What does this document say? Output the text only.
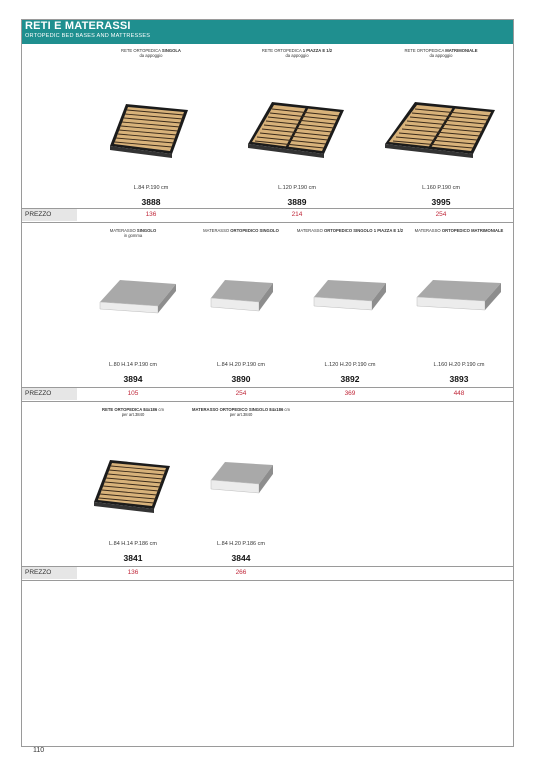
RETI E MATERASSI
ORTOPEDIC BED BASES AND MATTRESSES
RETE ORTOPEDICA SINGOLA
da appoggio
L.84 P.190 cm
3888
RETE ORTOPEDICA 1 PIAZZA E 1/2
da appoggio
L.120 P.190 cm
3889
RETE ORTOPEDICA MATRIMONIALE
da appoggio
L.160 P.190 cm
3995
PREZZO	136	214	254
MATERASSO SINGOLO
in gomma
L.80 H.14 P.190 cm
3894
MATERASSO ORTOPEDICO SINGOLO
L.84 H.20 P.190 cm
3890
MATERASSO ORTOPEDICO SINGOLO 1 PIAZZA E 1/2
L.120 H.20 P.190 cm
3892
MATERASSO ORTOPEDICO MATRIMONIALE
L.160 H.20 P.190 cm
3893
PREZZO	105	254	369	448
RETE ORTOPEDICA 84x186 cm
per art.3840
L.84 H.14 P.186 cm
3841
MATERASSO ORTOPEDICO SINGOLO 84x186 cm
per art.3840
L.84 H.20 P.186 cm
3844
PREZZO	136	266
110
